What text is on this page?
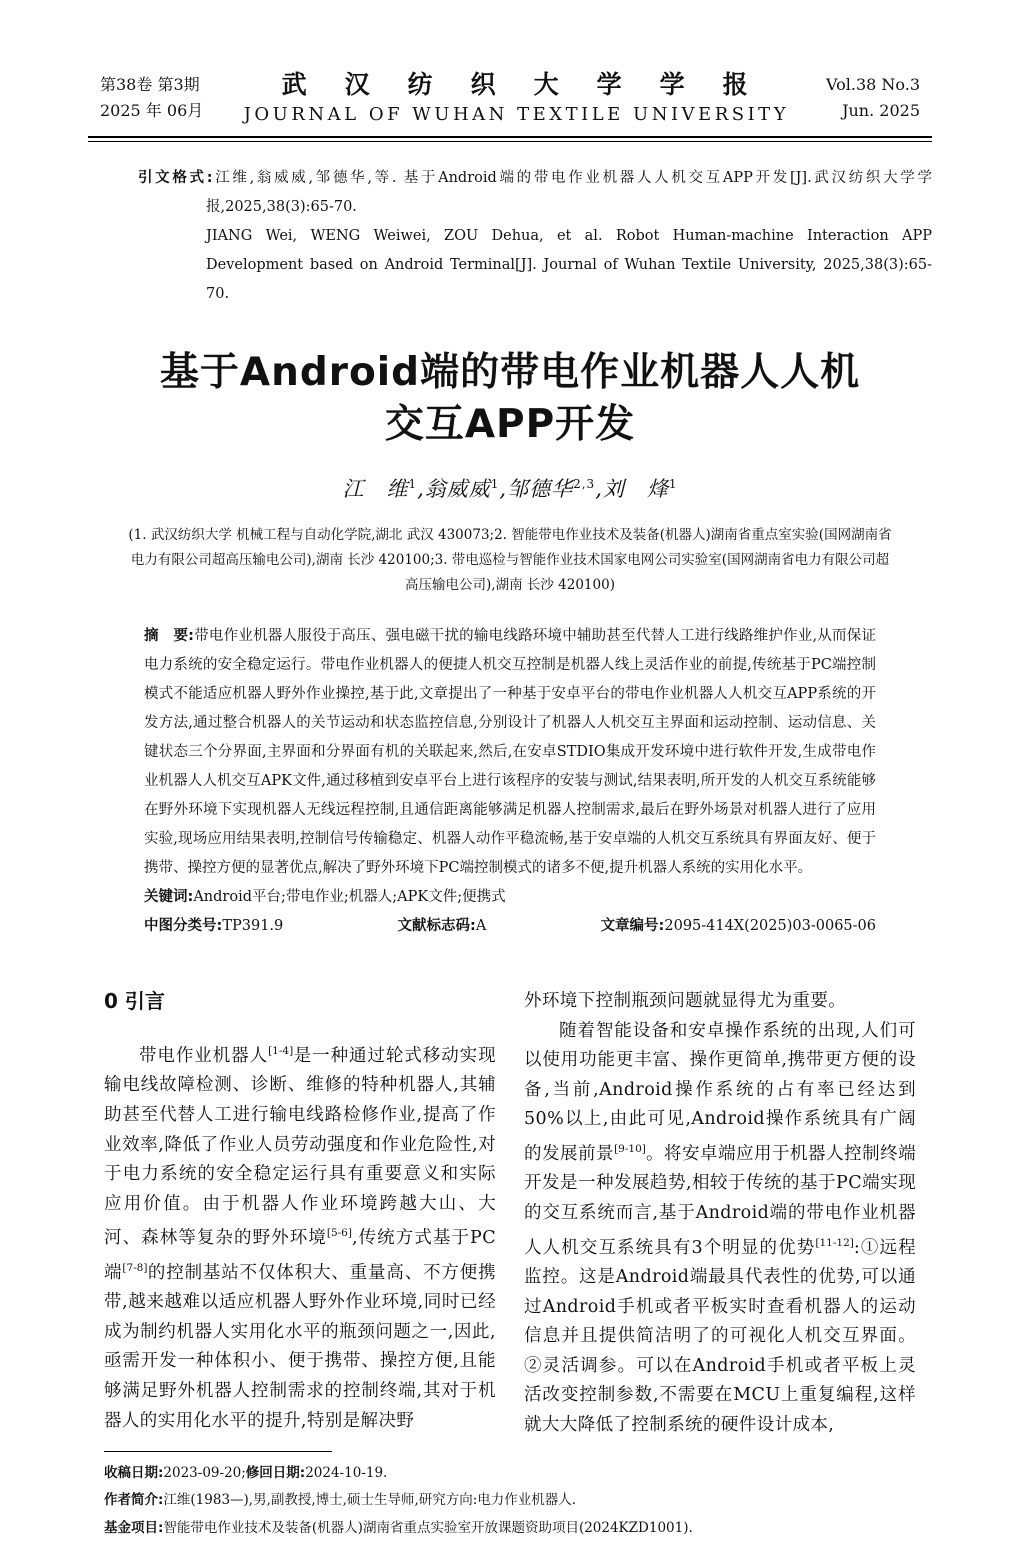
第38卷 第3期
2025 年 06月
武汉纺织大学学报
JOURNAL OF WUHAN TEXTILE UNIVERSITY
Vol.38 No.3
Jun. 2025

引文格式:江维,翁威威,邹德华,等. 基于Android端的带电作业机器人人机交互APP开发[J].武汉纺织大学学报,2025,38(3):65-70.

JIANG Wei, WENG Weiwei, ZOU Dehua, et al. Robot Human-machine Interaction APP Development based on Android Terminal[J]. Journal of Wuhan Textile University, 2025,38(3):65-70.

基于Android端的带电作业机器人人机
交互APP开发

江　维$^1$,翁威威$^1$,邹德华$^{2,3}$,刘　烽$^1$

(1. 武汉纺织大学 机械工程与自动化学院,湖北 武汉 430073;2. 智能带电作业技术及装备(机器人)湖南省重点室实验(国网湖南省电力有限公司超高压输电公司),湖南 长沙 420100;3. 带电巡检与智能作业技术国家电网公司实验室(国网湖南省电力有限公司超高压输电公司),湖南 长沙 420100)

摘　要:带电作业机器人服役于高压、强电磁干扰的输电线路环境中辅助甚至代替人工进行线路维护作业,从而保证电力系统的安全稳定运行。带电作业机器人的便捷人机交互控制是机器人线上灵活作业的前提,传统基于PC端控制模式不能适应机器人野外作业操控,基于此,文章提出了一种基于安卓平台的带电作业机器人人机交互APP系统的开发方法,通过整合机器人的关节运动和状态监控信息,分别设计了机器人人机交互主界面和运动控制、运动信息、关键状态三个分界面,主界面和分界面有机的关联起来,然后,在安卓STDIO集成开发环境中进行软件开发,生成带电作业机器人人机交互APK文件,通过移植到安卓平台上进行该程序的安装与测试,结果表明,所开发的人机交互系统能够在野外环境下实现机器人无线远程控制,且通信距离能够满足机器人控制需求,最后在野外场景对机器人进行了应用实验,现场应用结果表明,控制信号传输稳定、机器人动作平稳流畅,基于安卓端的人机交互系统具有界面友好、便于携带、操控方便的显著优点,解决了野外环境下PC端控制模式的诸多不便,提升机器人系统的实用化水平。

关键词:Android平台;带电作业;机器人;APK文件;便携式

中图分类号:TP391.9	文献标志码:A	文章编号:2095-414X(2025)03-0065-06
0 引言

带电作业机器人[1-4]是一种通过轮式移动实现输电线故障检测、诊断、维修的特种机器人,其辅助甚至代替人工进行输电线路检修作业,提高了作业效率,降低了作业人员劳动强度和作业危险性,对于电力系统的安全稳定运行具有重要意义和实际应用价值。由于机器人作业环境跨越大山、大河、森林等复杂的野外环境[5-6],传统方式基于PC端[7-8]的控制基站不仅体积大、重量高、不方便携带,越来越难以适应机器人野外作业环境,同时已经成为制约机器人实用化水平的瓶颈问题之一,因此,亟需开发一种体积小、便于携带、操控方便,且能够满足野外机器人控制需求的控制终端,其对于机器人的实用化水平的提升,特别是解决野

外环境下控制瓶颈问题就显得尤为重要。

随着智能设备和安卓操作系统的出现,人们可以使用功能更丰富、操作更简单,携带更方便的设备,当前,Android操作系统的占有率已经达到50%以上,由此可见,Android操作系统具有广阔的发展前景[9-10]。将安卓端应用于机器人控制终端开发是一种发展趋势,相较于传统的基于PC端实现的交互系统而言,基于Android端的带电作业机器人人机交互系统具有3个明显的优势[11-12]:①远程监控。这是Android端最具代表性的优势,可以通过Android手机或者平板实时查看机器人的运动信息并且提供简洁明了的可视化人机交互界面。②灵活调参。可以在Android手机或者平板上灵活改变控制参数,不需要在MCU上重复编程,这样就大大降低了控制系统的硬件设计成本,

收稿日期:2023-09-20;修回日期:2024-10-19.

作者简介:江维(1983—),男,副教授,博士,硕士生导师,研究方向:电力作业机器人.

基金项目:智能带电作业技术及装备(机器人)湖南省重点实验室开放课题资助项目(2024KZD1001).
